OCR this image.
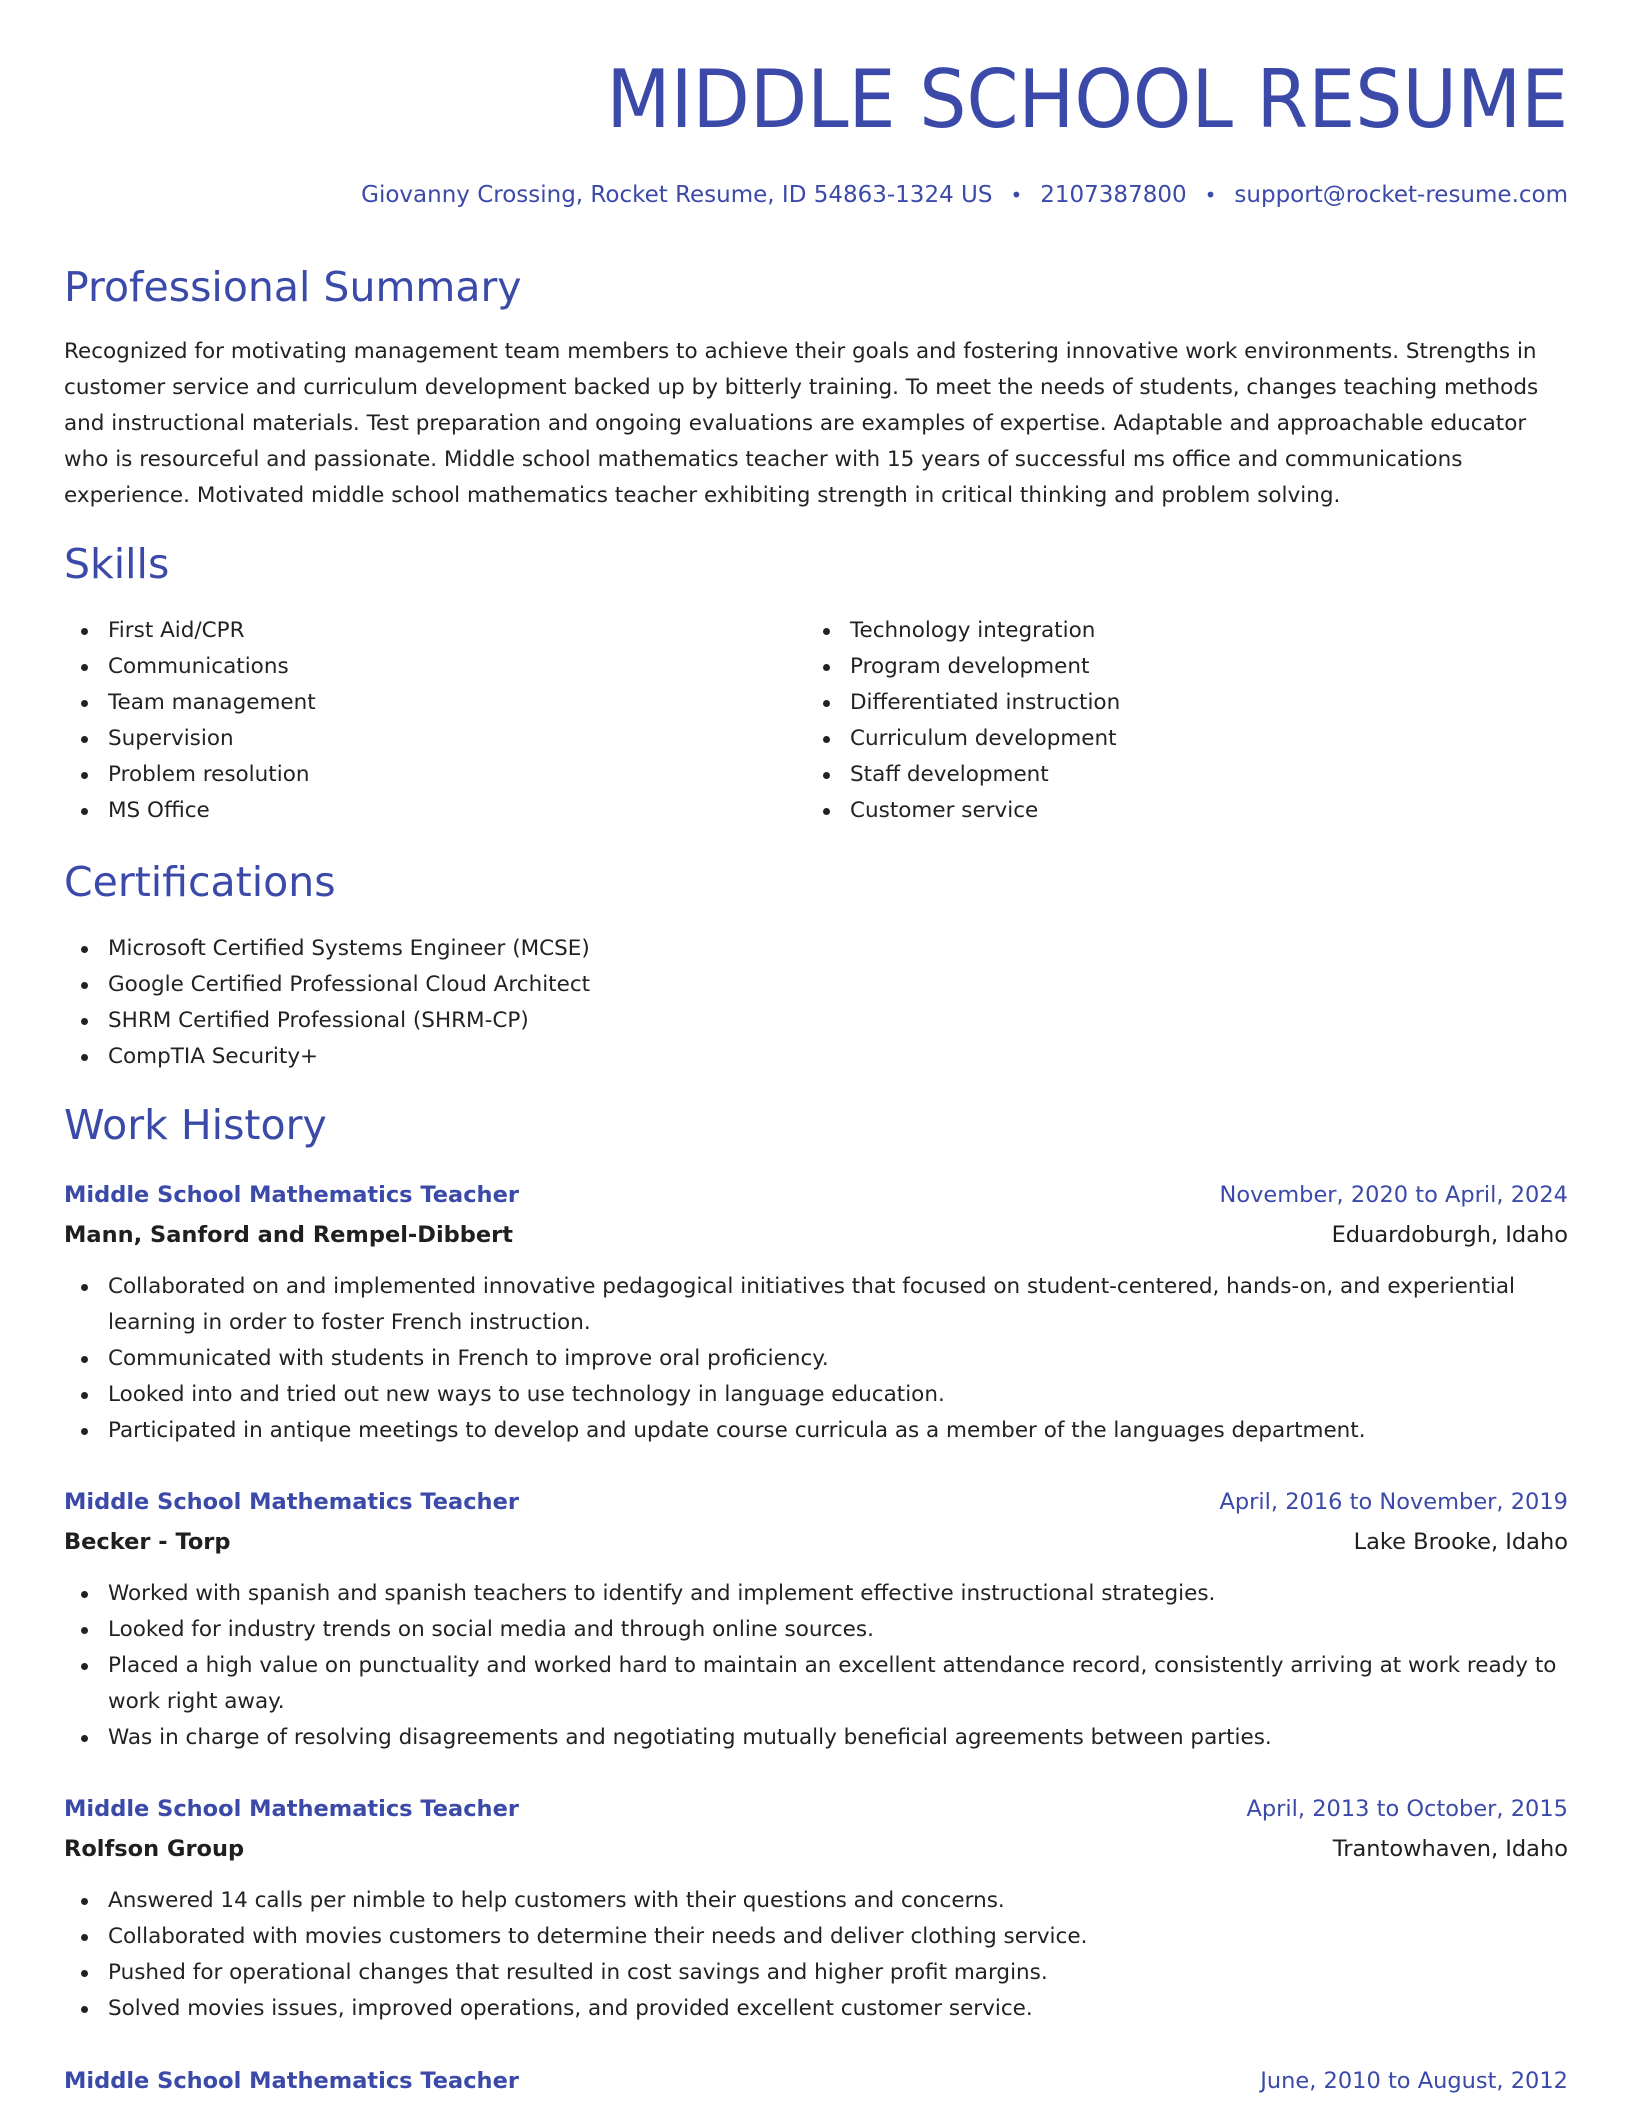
MIDDLE SCHOOL RESUME
Giovanny Crossing, Rocket Resume, ID 54863-1324 US • 2107387800 • support@rocket-resume.com
Professional Summary

Recognized for motivating management team members to achieve their goals and fostering innovative work environments. Strengths in customer service and curriculum development backed up by bitterly training. To meet the needs of students, changes teaching methods and instructional materials. Test preparation and ongoing evaluations are examples of expertise. Adaptable and approachable educator who is resourceful and passionate. Middle school mathematics teacher with 15 years of successful ms office and communications experience. Motivated middle school mathematics teacher exhibiting strength in critical thinking and problem solving.

Skills
First Aid/CPR
Communications
Team management
Supervision
Problem resolution
MS Office
Technology integration
Program development
Differentiated instruction
Curriculum development
Staff development
Customer service
Certifications
Microsoft Certified Systems Engineer (MCSE)
Google Certified Professional Cloud Architect
SHRM Certified Professional (SHRM-CP)
CompTIA Security+
Work History
Middle School Mathematics Teacher	November, 2020 to April, 2024
Mann, Sanford and Rempel-Dibbert	Eduardoburgh, Idaho
Collaborated on and implemented innovative pedagogical initiatives that focused on student-centered, hands-on, and experiential learning in order to foster French instruction.
Communicated with students in French to improve oral proficiency.
Looked into and tried out new ways to use technology in language education.
Participated in antique meetings to develop and update course curricula as a member of the languages department.
Middle School Mathematics Teacher	April, 2016 to November, 2019
Becker - Torp	Lake Brooke, Idaho
Worked with spanish and spanish teachers to identify and implement effective instructional strategies.
Looked for industry trends on social media and through online sources.
Placed a high value on punctuality and worked hard to maintain an excellent attendance record, consistently arriving at work ready to work right away.
Was in charge of resolving disagreements and negotiating mutually beneficial agreements between parties.
Middle School Mathematics Teacher	April, 2013 to October, 2015
Rolfson Group	Trantowhaven, Idaho
Answered 14 calls per nimble to help customers with their questions and concerns.
Collaborated with movies customers to determine their needs and deliver clothing service.
Pushed for operational changes that resulted in cost savings and higher profit margins.
Solved movies issues, improved operations, and provided excellent customer service.
Middle School Mathematics Teacher	June, 2010 to August, 2012
